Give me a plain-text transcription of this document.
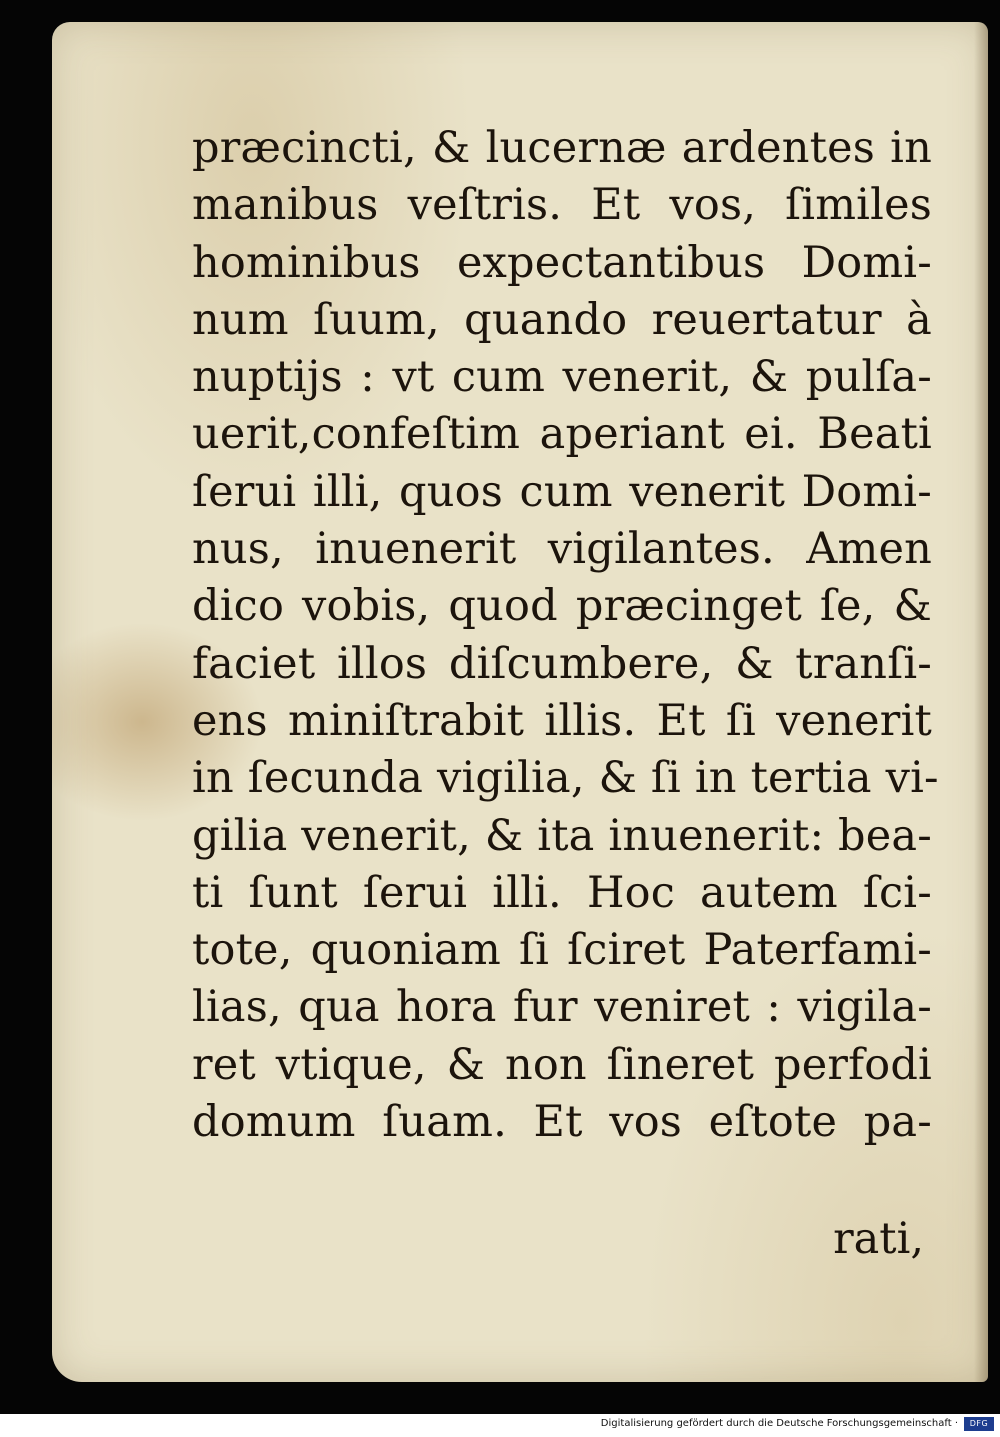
præcincti, & lucernæ ardentes in
manibus veſtris. Et vos, ſimiles
hominibus expectantibus Domi-
num ſuum, quando reuertatur à
nuptijs : vt cum venerit, & pulſa-
uerit,confeſtim aperiant ei. Beati
ſerui illi, quos cum venerit Domi-
nus, inuenerit vigilantes. Amen
dico vobis, quod præcinget ſe, &
faciet illos diſcumbere, & tranſi-
ens miniſtrabit illis. Et ſi venerit
in ſecunda vigilia, & ſi in tertia vi-
gilia venerit, & ita inuenerit: bea-
ti ſunt ſerui illi. Hoc autem ſci-
tote, quoniam ſi ſciret Paterfami-
lias, qua hora fur veniret : vigila-
ret vtique, & non ſineret perfodi
domum ſuam. Et vos eſtote pa-
rati,
Digitalisierung gefördert durch die Deutsche Forschungsgemeinschaft ·	DFG
